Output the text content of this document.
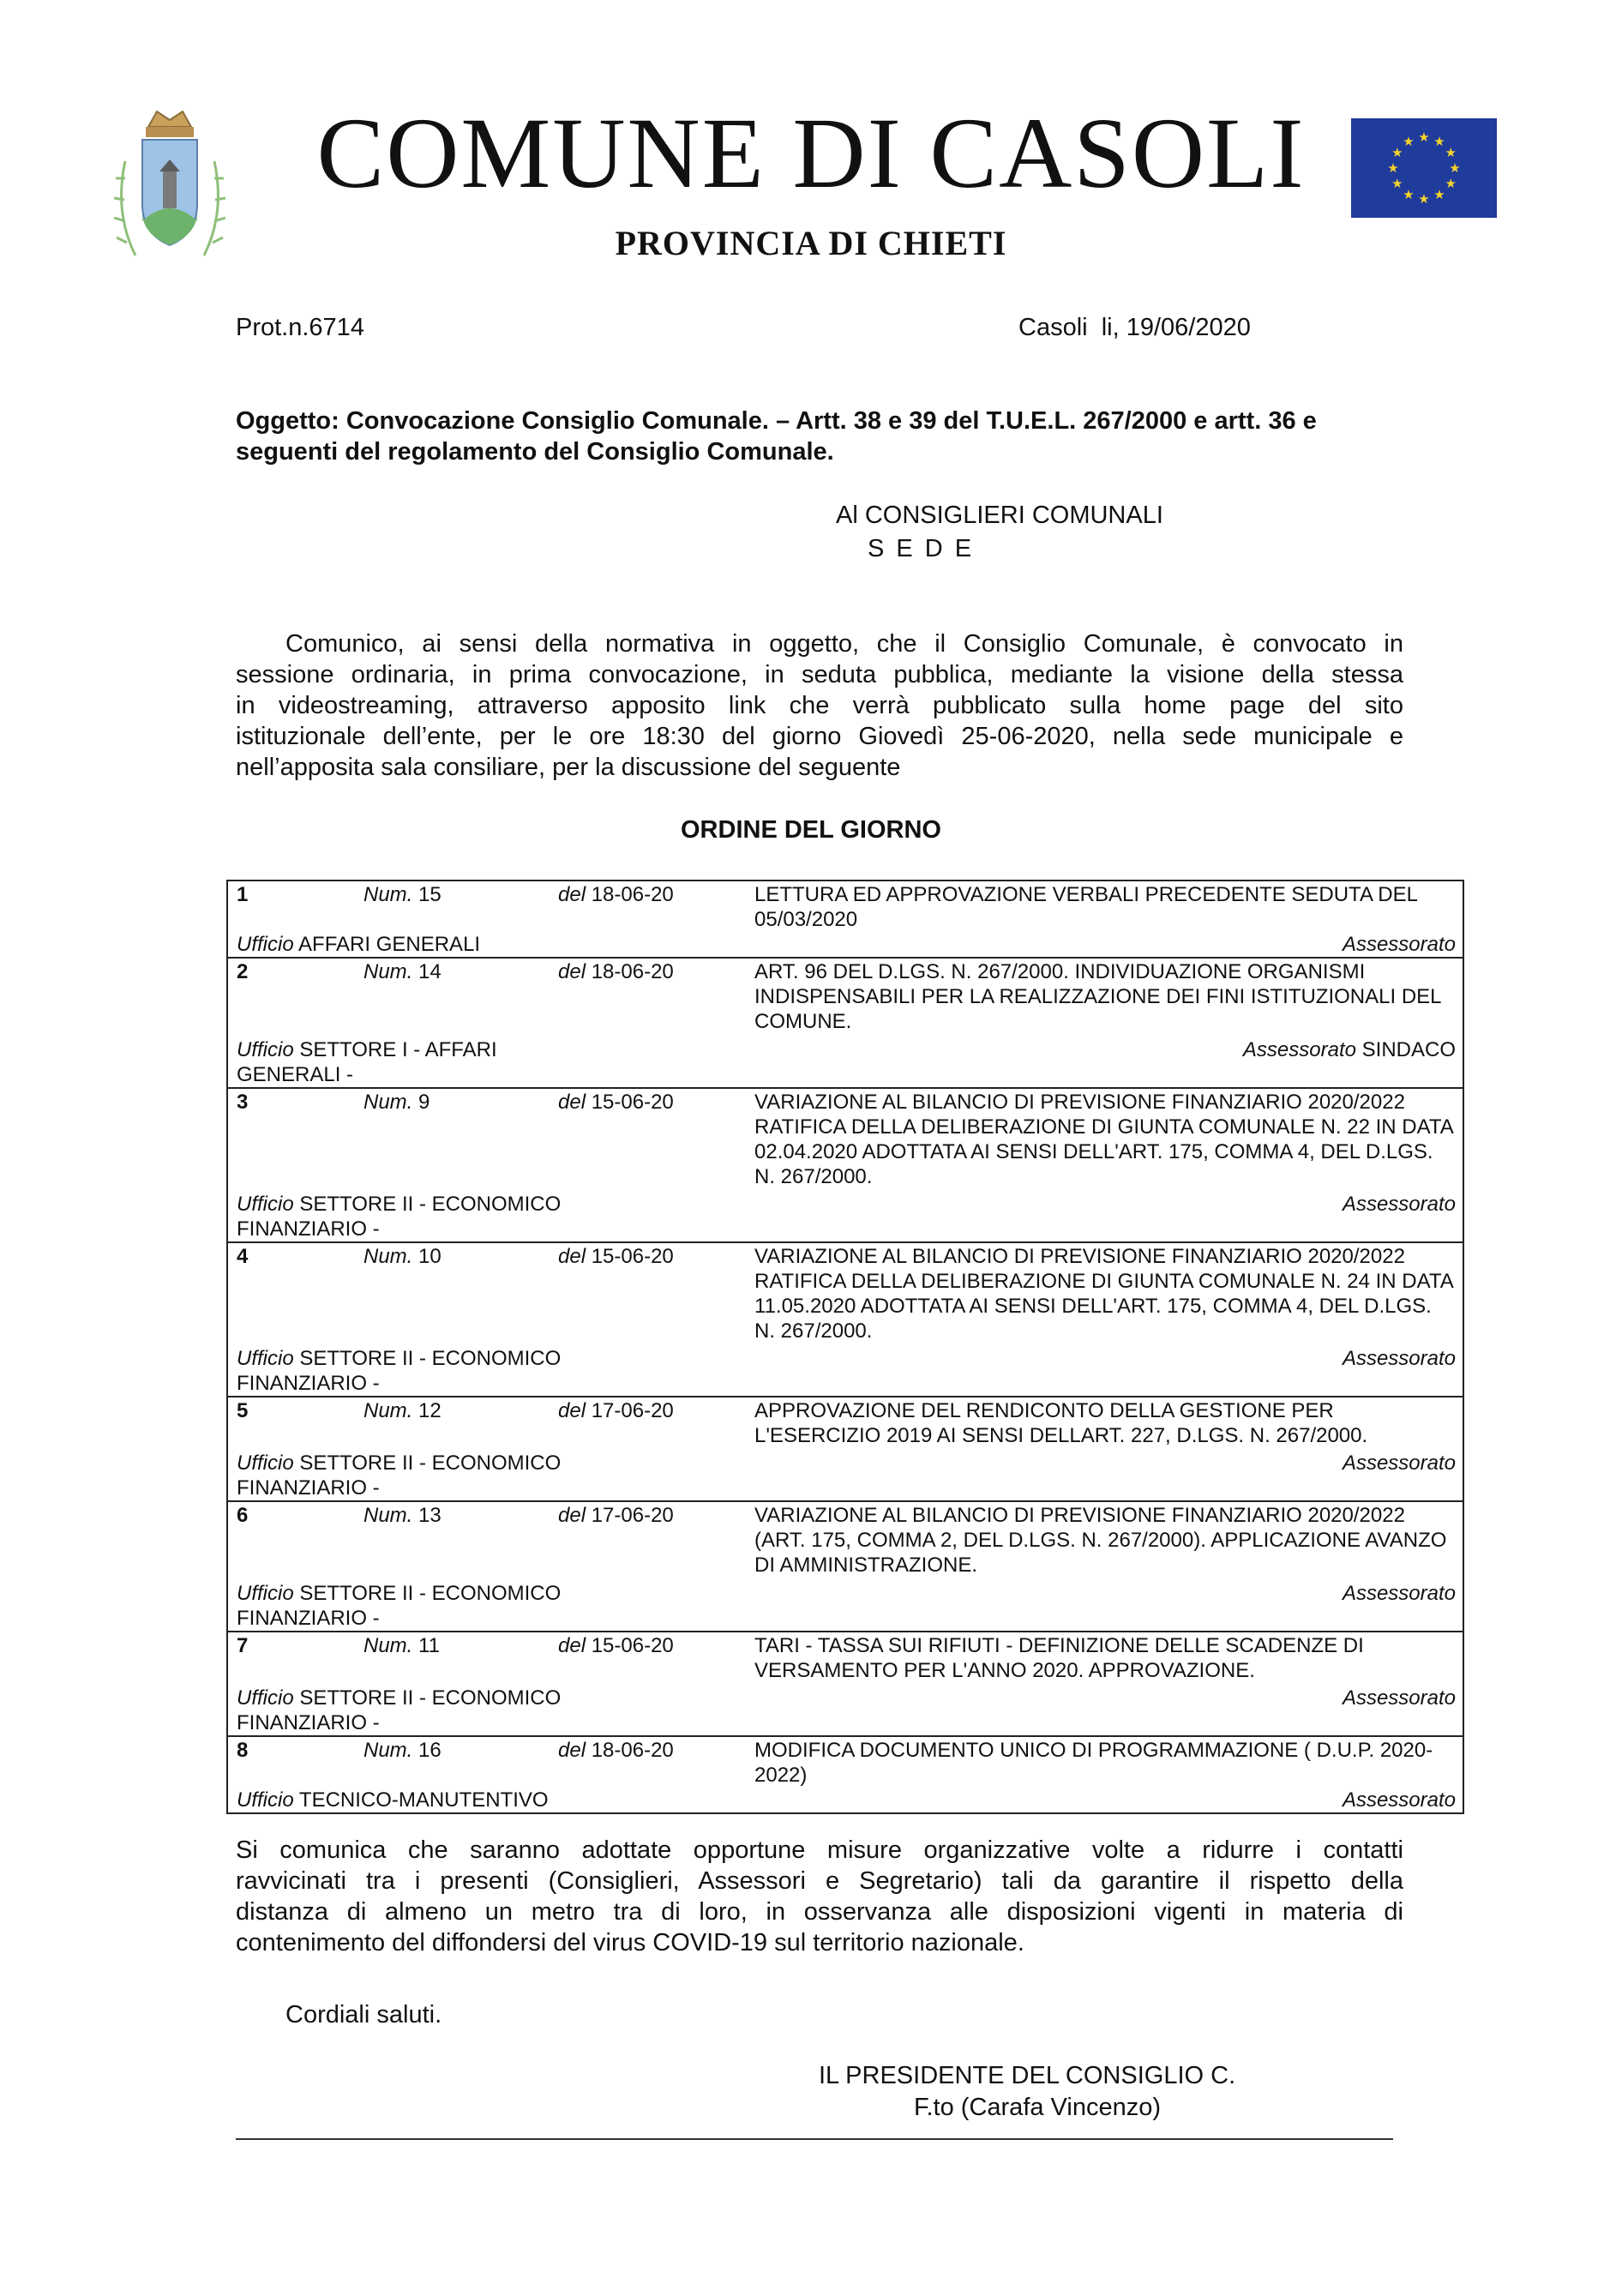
COMUNE DI CASOLI
PROVINCIA DI CHIETI
★ ★
★
★
★
★
★
★
★
★
★
★
Prot.n.6714	Casoli  li, 19/06/2020
Oggetto: Convocazione Consiglio Comunale. – Artt. 38 e 39 del T.U.E.L. 267/2000 e artt. 36 e seguenti del regolamento del Consiglio Comunale.
Al CONSIGLIERI COMUNALI
S E D E
Comunico, ai sensi della normativa in oggetto, che il Consiglio Comunale, è convocato in
sessione ordinaria, in prima convocazione, in seduta pubblica, mediante la visione della stessa
in videostreaming, attraverso apposito link che verrà pubblicato sulla home page del sito
istituzionale dell’ente, per le ore 18:30 del giorno Giovedì 25-06-2020, nella sede municipale e
nell’apposita sala consiliare, per la discussione del seguente
ORDINE DEL GIORNO
1	Num. 15	del 18-06-20	LETTURA ED APPROVAZIONE VERBALI PRECEDENTE SEDUTA DEL 05/03/2020
Ufficio AFFARI GENERALI	Assessorato
2	Num. 14	del 18-06-20	ART. 96 DEL D.LGS. N. 267/2000. INDIVIDUAZIONE ORGANISMI INDISPENSABILI PER LA REALIZZAZIONE DEI FINI ISTITUZIONALI DEL COMUNE.
Ufficio SETTORE I - AFFARI GENERALI -
Assessorato SINDACO
3	Num. 9	del 15-06-20	VARIAZIONE AL BILANCIO DI PREVISIONE FINANZIARIO 2020/2022 RATIFICA DELLA DELIBERAZIONE DI GIUNTA COMUNALE N. 22 IN DATA 02.04.2020 ADOTTATA AI SENSI DELL'ART. 175, COMMA 4, DEL D.LGS. N. 267/2000.
Ufficio SETTORE II - ECONOMICO FINANZIARIO -
Assessorato
4	Num. 10	del 15-06-20	VARIAZIONE AL BILANCIO DI PREVISIONE FINANZIARIO 2020/2022 RATIFICA DELLA DELIBERAZIONE DI GIUNTA COMUNALE N. 24 IN DATA 11.05.2020 ADOTTATA AI SENSI DELL'ART. 175, COMMA 4, DEL D.LGS. N. 267/2000.
Ufficio SETTORE II - ECONOMICO FINANZIARIO -
Assessorato
5	Num. 12	del 17-06-20	APPROVAZIONE DEL RENDICONTO DELLA GESTIONE PER L'ESERCIZIO 2019 AI SENSI DELLART. 227, D.LGS. N. 267/2000.
Ufficio SETTORE II - ECONOMICO FINANZIARIO -
Assessorato
6	Num. 13	del 17-06-20	VARIAZIONE AL BILANCIO DI PREVISIONE FINANZIARIO 2020/2022 (ART. 175, COMMA 2, DEL D.LGS. N. 267/2000). APPLICAZIONE AVANZO DI AMMINISTRAZIONE.
Ufficio SETTORE II - ECONOMICO FINANZIARIO -
Assessorato
7	Num. 11	del 15-06-20	TARI - TASSA SUI RIFIUTI - DEFINIZIONE DELLE SCADENZE DI VERSAMENTO PER L'ANNO 2020. APPROVAZIONE.
Ufficio SETTORE II - ECONOMICO FINANZIARIO -
Assessorato
8	Num. 16	del 18-06-20	MODIFICA DOCUMENTO UNICO DI PROGRAMMAZIONE ( D.U.P. 2020-2022)
Ufficio TECNICO-MANUTENTIVO	Assessorato
Si comunica che saranno adottate opportune misure organizzative volte a ridurre i contatti
ravvicinati tra i presenti (Consiglieri, Assessori e Segretario) tali da garantire il rispetto della
distanza di almeno un metro tra di loro, in osservanza alle disposizioni vigenti in materia di
contenimento del diffondersi del virus COVID-19 sul territorio nazionale.
Cordiali saluti.
IL PRESIDENTE DEL CONSIGLIO C.
F.to (Carafa Vincenzo)
